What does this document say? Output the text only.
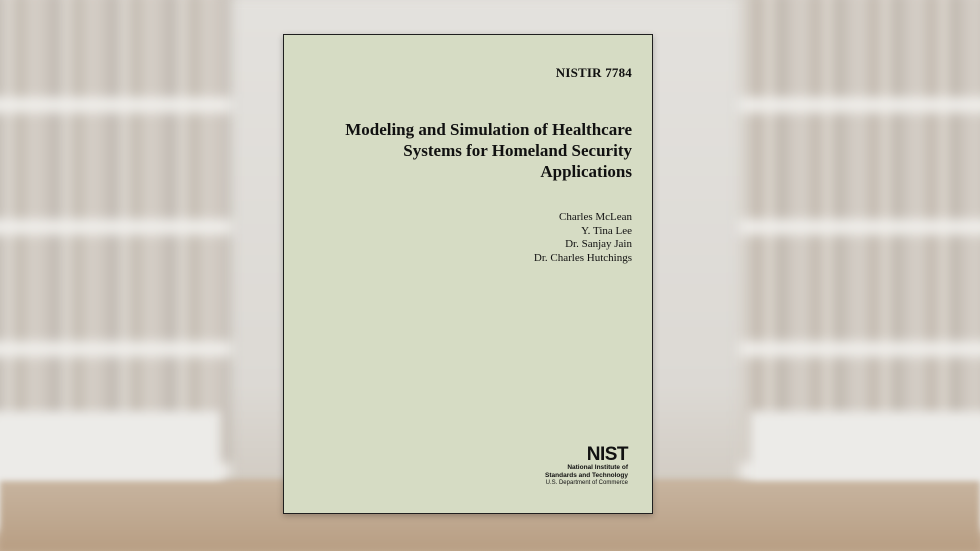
NISTIR 7784
Modeling and Simulation of Healthcare
Systems for Homeland Security
Applications
Charles McLean
Y. Tina Lee
Dr. Sanjay Jain
Dr. Charles Hutchings
NIST
National Institute of
Standards and Technology
U.S. Department of Commerce
